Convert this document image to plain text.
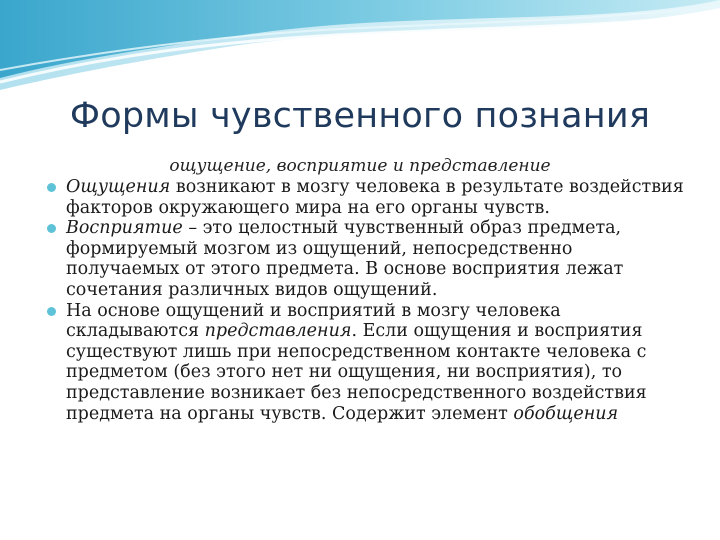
Формы чувственного познания
ощущение, восприятие и представление
Ощущения возникают в мозгу человека в результате воздействия факторов окружающего мира на его органы чувств.
Восприятие – это целостный чувственный образ предмета, формируемый мозгом из ощущений, непосредственно получаемых от этого предмета. В основе восприятия лежат сочетания различных видов ощущений.
На основе ощущений и восприятий в мозгу человека складываются представления. Если ощущения и восприятия существуют лишь при непосредственном контакте человека с предметом (без этого нет ни ощущения, ни восприятия), то представление возникает без непосредственного воздействия предмета на органы чувств. Содержит элемент обобщения
